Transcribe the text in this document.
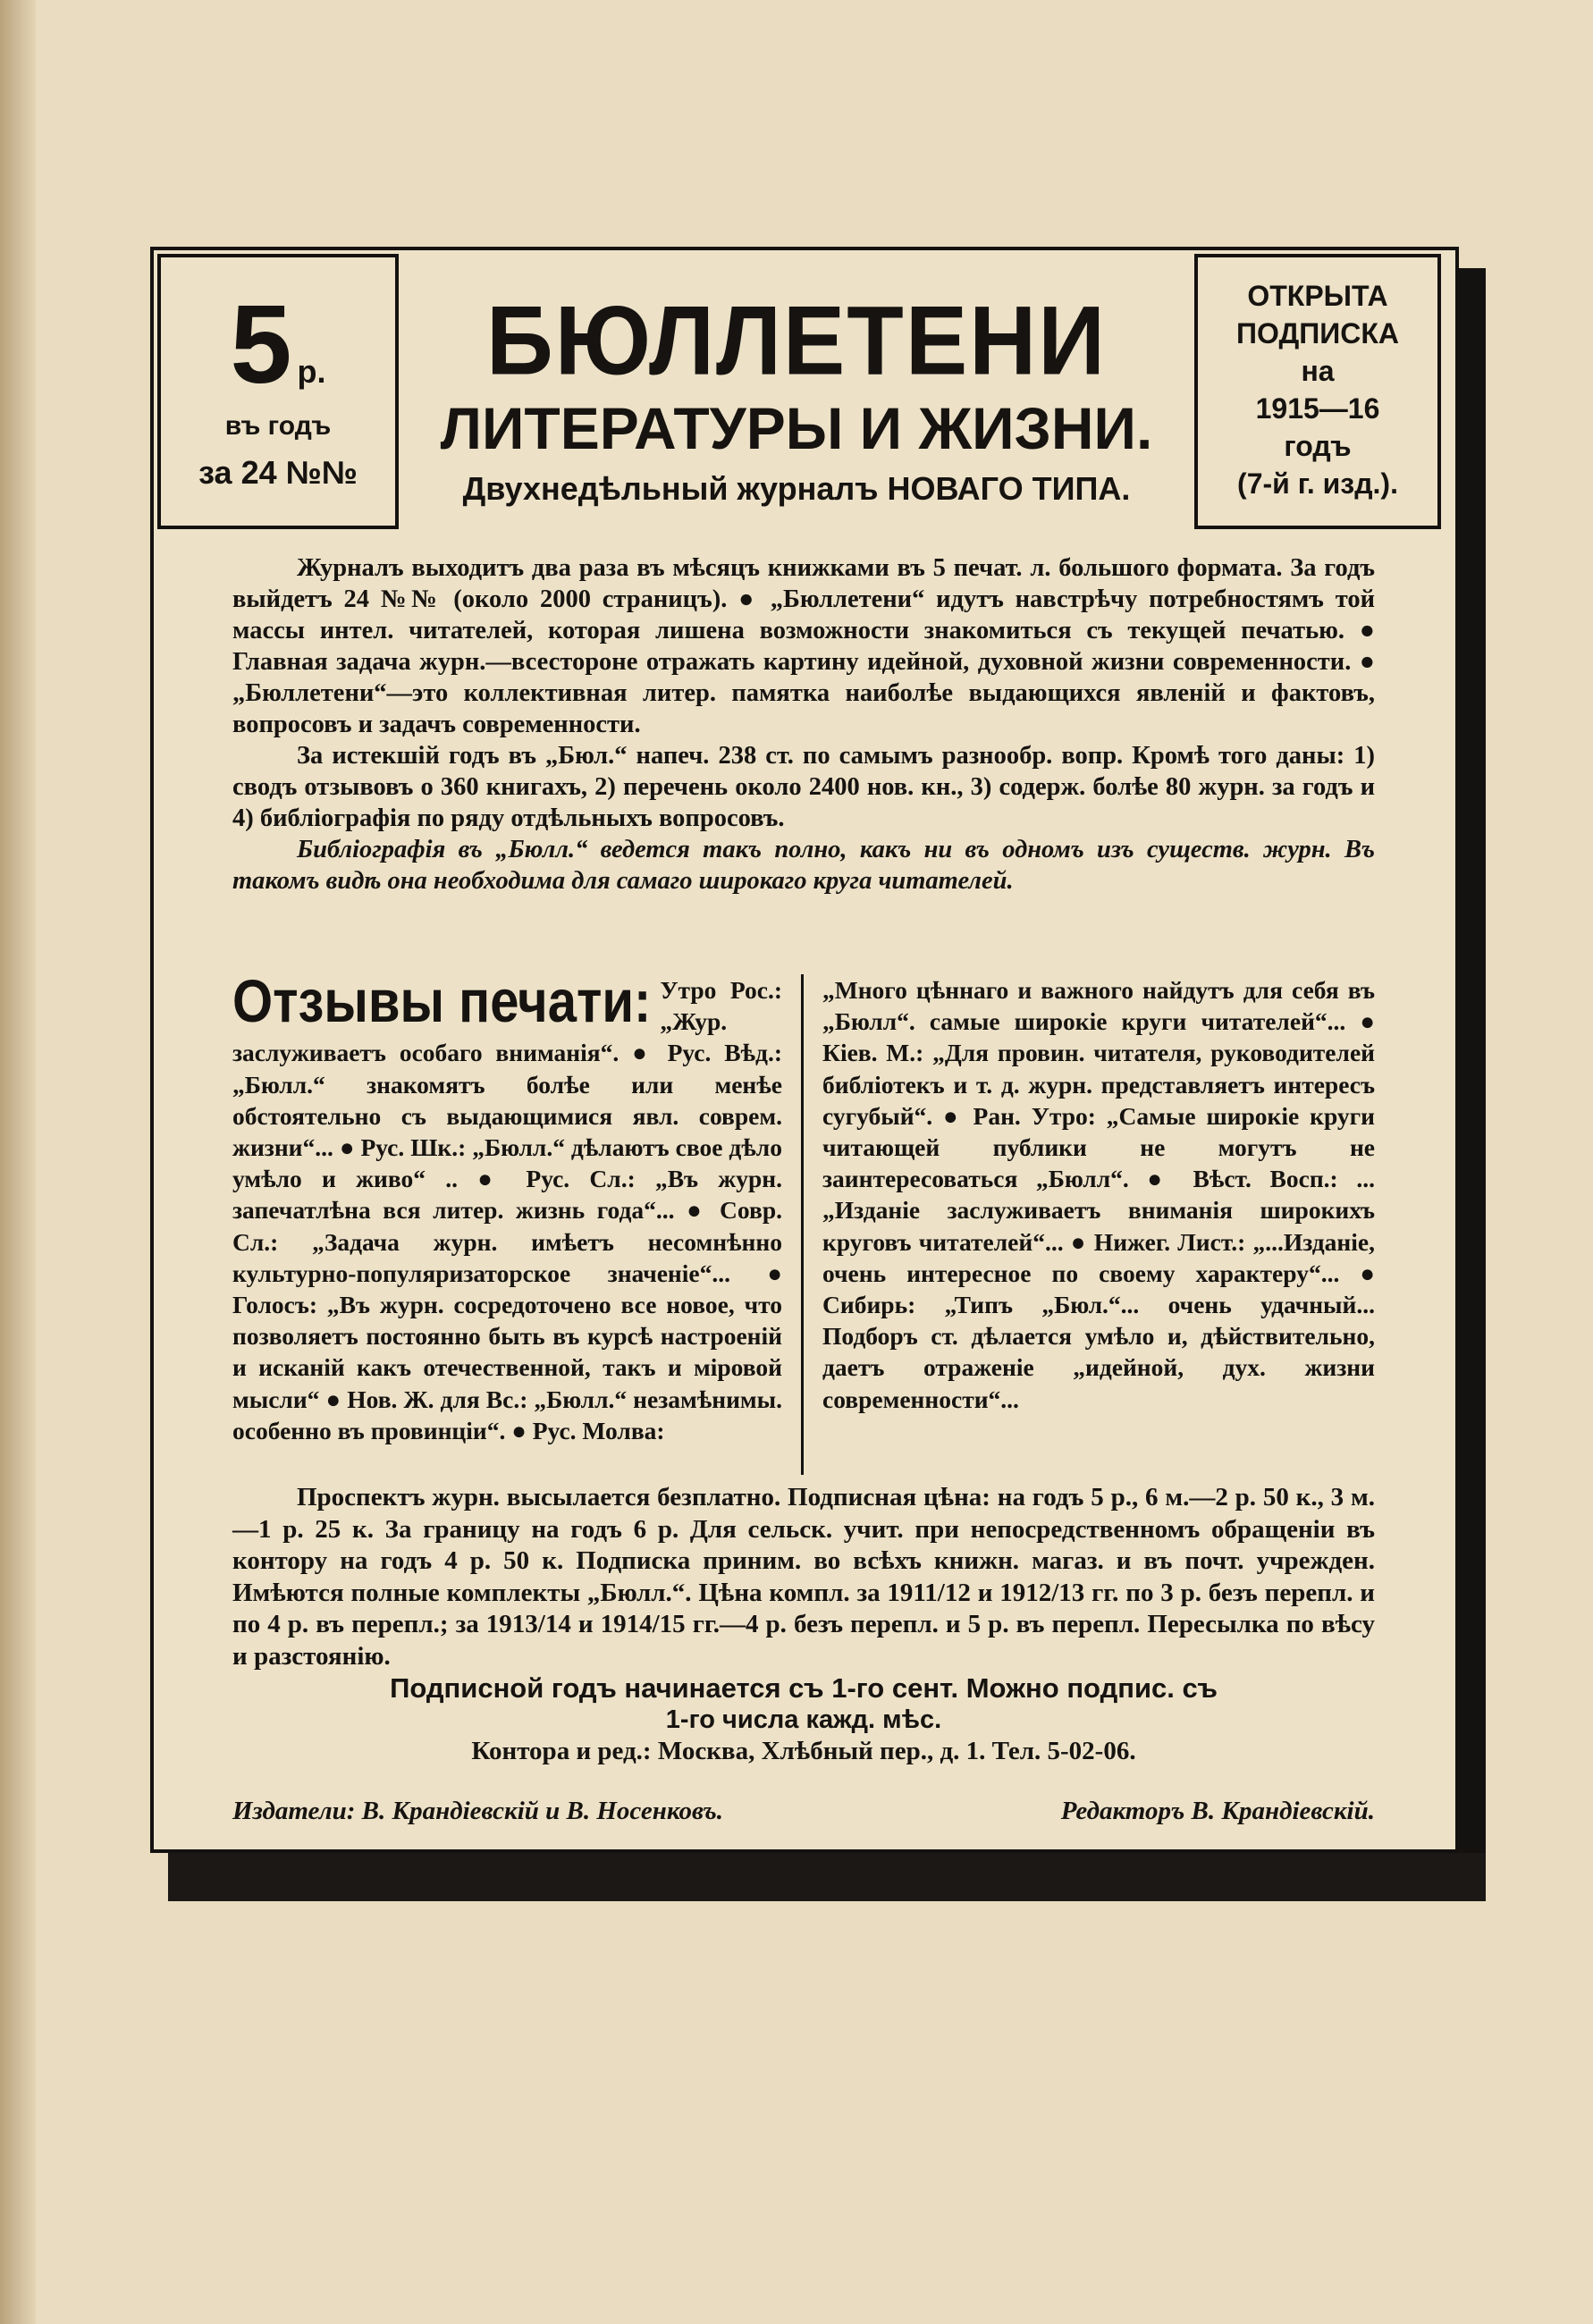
5 р.
въ годъ
за 24 №№
БЮЛЛЕТЕНИ
ЛИТЕРАТУРЫ И ЖИЗНИ.
Двухнедѣльный журналъ НОВАГО ТИПА.
ОТКРЫТА
ПОДПИСКА
на
1915—16
годъ
(7-й г. изд.).

Журналъ выходитъ два раза въ мѣсяцъ книжками въ 5 печат. л. большого формата. За годъ выйдетъ 24 №№ (около 2000 страницъ). ● „Бюллетени“ идутъ навстрѣчу потребностямъ той массы интел. читателей, которая лишена возможности знакомиться съ текущей печатью. ● Главная задача журн.—всестороне отражать картину идейной, духовной жизни современности. ● „Бюллетени“—это коллективная литер. памятка наиболѣе выдающихся явленій и фактовъ, вопросовъ и задачъ современности.

За истекшій годъ въ „Бюл.“ напеч. 238 ст. по самымъ разнообр. вопр. Кромѣ того даны: 1) сводъ отзывовъ о 360 книгахъ, 2) перечень около 2400 нов. кн., 3) содерж. болѣе 80 журн. за годъ и 4) библіографія по ряду отдѣльныхъ вопросовъ.

Библіографія въ „Бюлл.“ ведется такъ полно, какъ ни въ одномъ изъ существ. журн. Въ такомъ видѣ она необходима для самаго широкаго круга читателей.

Отзывы печати: Утро Рос.: „Жур. заслуживаетъ особаго вниманія“. ● Рус. Вѣд.: „Бюлл.“ знакомятъ болѣе или менѣе обстоятельно съ выдающимися явл. соврем. жизни“... ● Рус. Шк.: „Бюлл.“ дѣлаютъ свое дѣло умѣло и живо“ .. ● Рус. Сл.: „Въ журн. запечатлѣна вся литер. жизнь года“... ● Совр. Сл.: „Задача журн. имѣетъ несомнѣнно культурно-популяризаторское значеніе“... ● Голосъ: „Въ журн. сосредоточено все новое, что позволяетъ постоянно быть въ курсѣ настроеній и исканій какъ отечественной, такъ и міровой мысли“ ● Нов. Ж. для Вс.: „Бюлл.“ незамѣнимы. особенно въ провинціи“. ● Рус. Молва:
„Много цѣннаго и важного найдутъ для себя въ „Бюлл“. самые широкіе круги читателей“... ● Кіев. М.: „Для провин. читателя, руководителей библіотекъ и т. д. журн. представляетъ интересъ сугубый“. ● Ран. Утро: „Самые широкіе круги читающей публики не могутъ не заинтересоваться „Бюлл“. ● Вѣст. Восп.: ...„Изданіе заслуживаетъ вниманія широкихъ круговъ читателей“... ● Нижег. Лист.: „...Изданіе, очень интересное по своему характеру“... ● Сибирь: „Типъ „Бюл.“... очень удачный... Подборъ ст. дѣлается умѣло и, дѣйствительно, даетъ отраженіе „идейной, дух. жизни современности“...

Проспектъ журн. высылается безплатно. Подписная цѣна: на годъ 5 р., 6 м.—2 р. 50 к., 3 м.—1 р. 25 к. За границу на годъ 6 р. Для сельск. учит. при непосредственномъ обращеніи въ контору на годъ 4 р. 50 к. Подписка приним. во всѣхъ книжн. магаз. и въ почт. учрежден. Имѣются полные комплекты „Бюлл.“. Цѣна компл. за 1911/12 и 1912/13 гг. по 3 р. безъ перепл. и по 4 р. въ перепл.; за 1913/14 и 1914/15 гг.—4 р. безъ перепл. и 5 р. въ перепл. Пересылка по вѣсу и разстоянію.

Подписной годъ начинается съ 1-го сент. Можно подпис. съ

1-го числа кажд. мѣс.

Контора и ред.: Москва, Хлѣбный пер., д. 1. Тел. 5-02-06.

Издатели: В. Крандіевскій и В. Носенковъ.	Редакторъ В. Крандіевскій.
